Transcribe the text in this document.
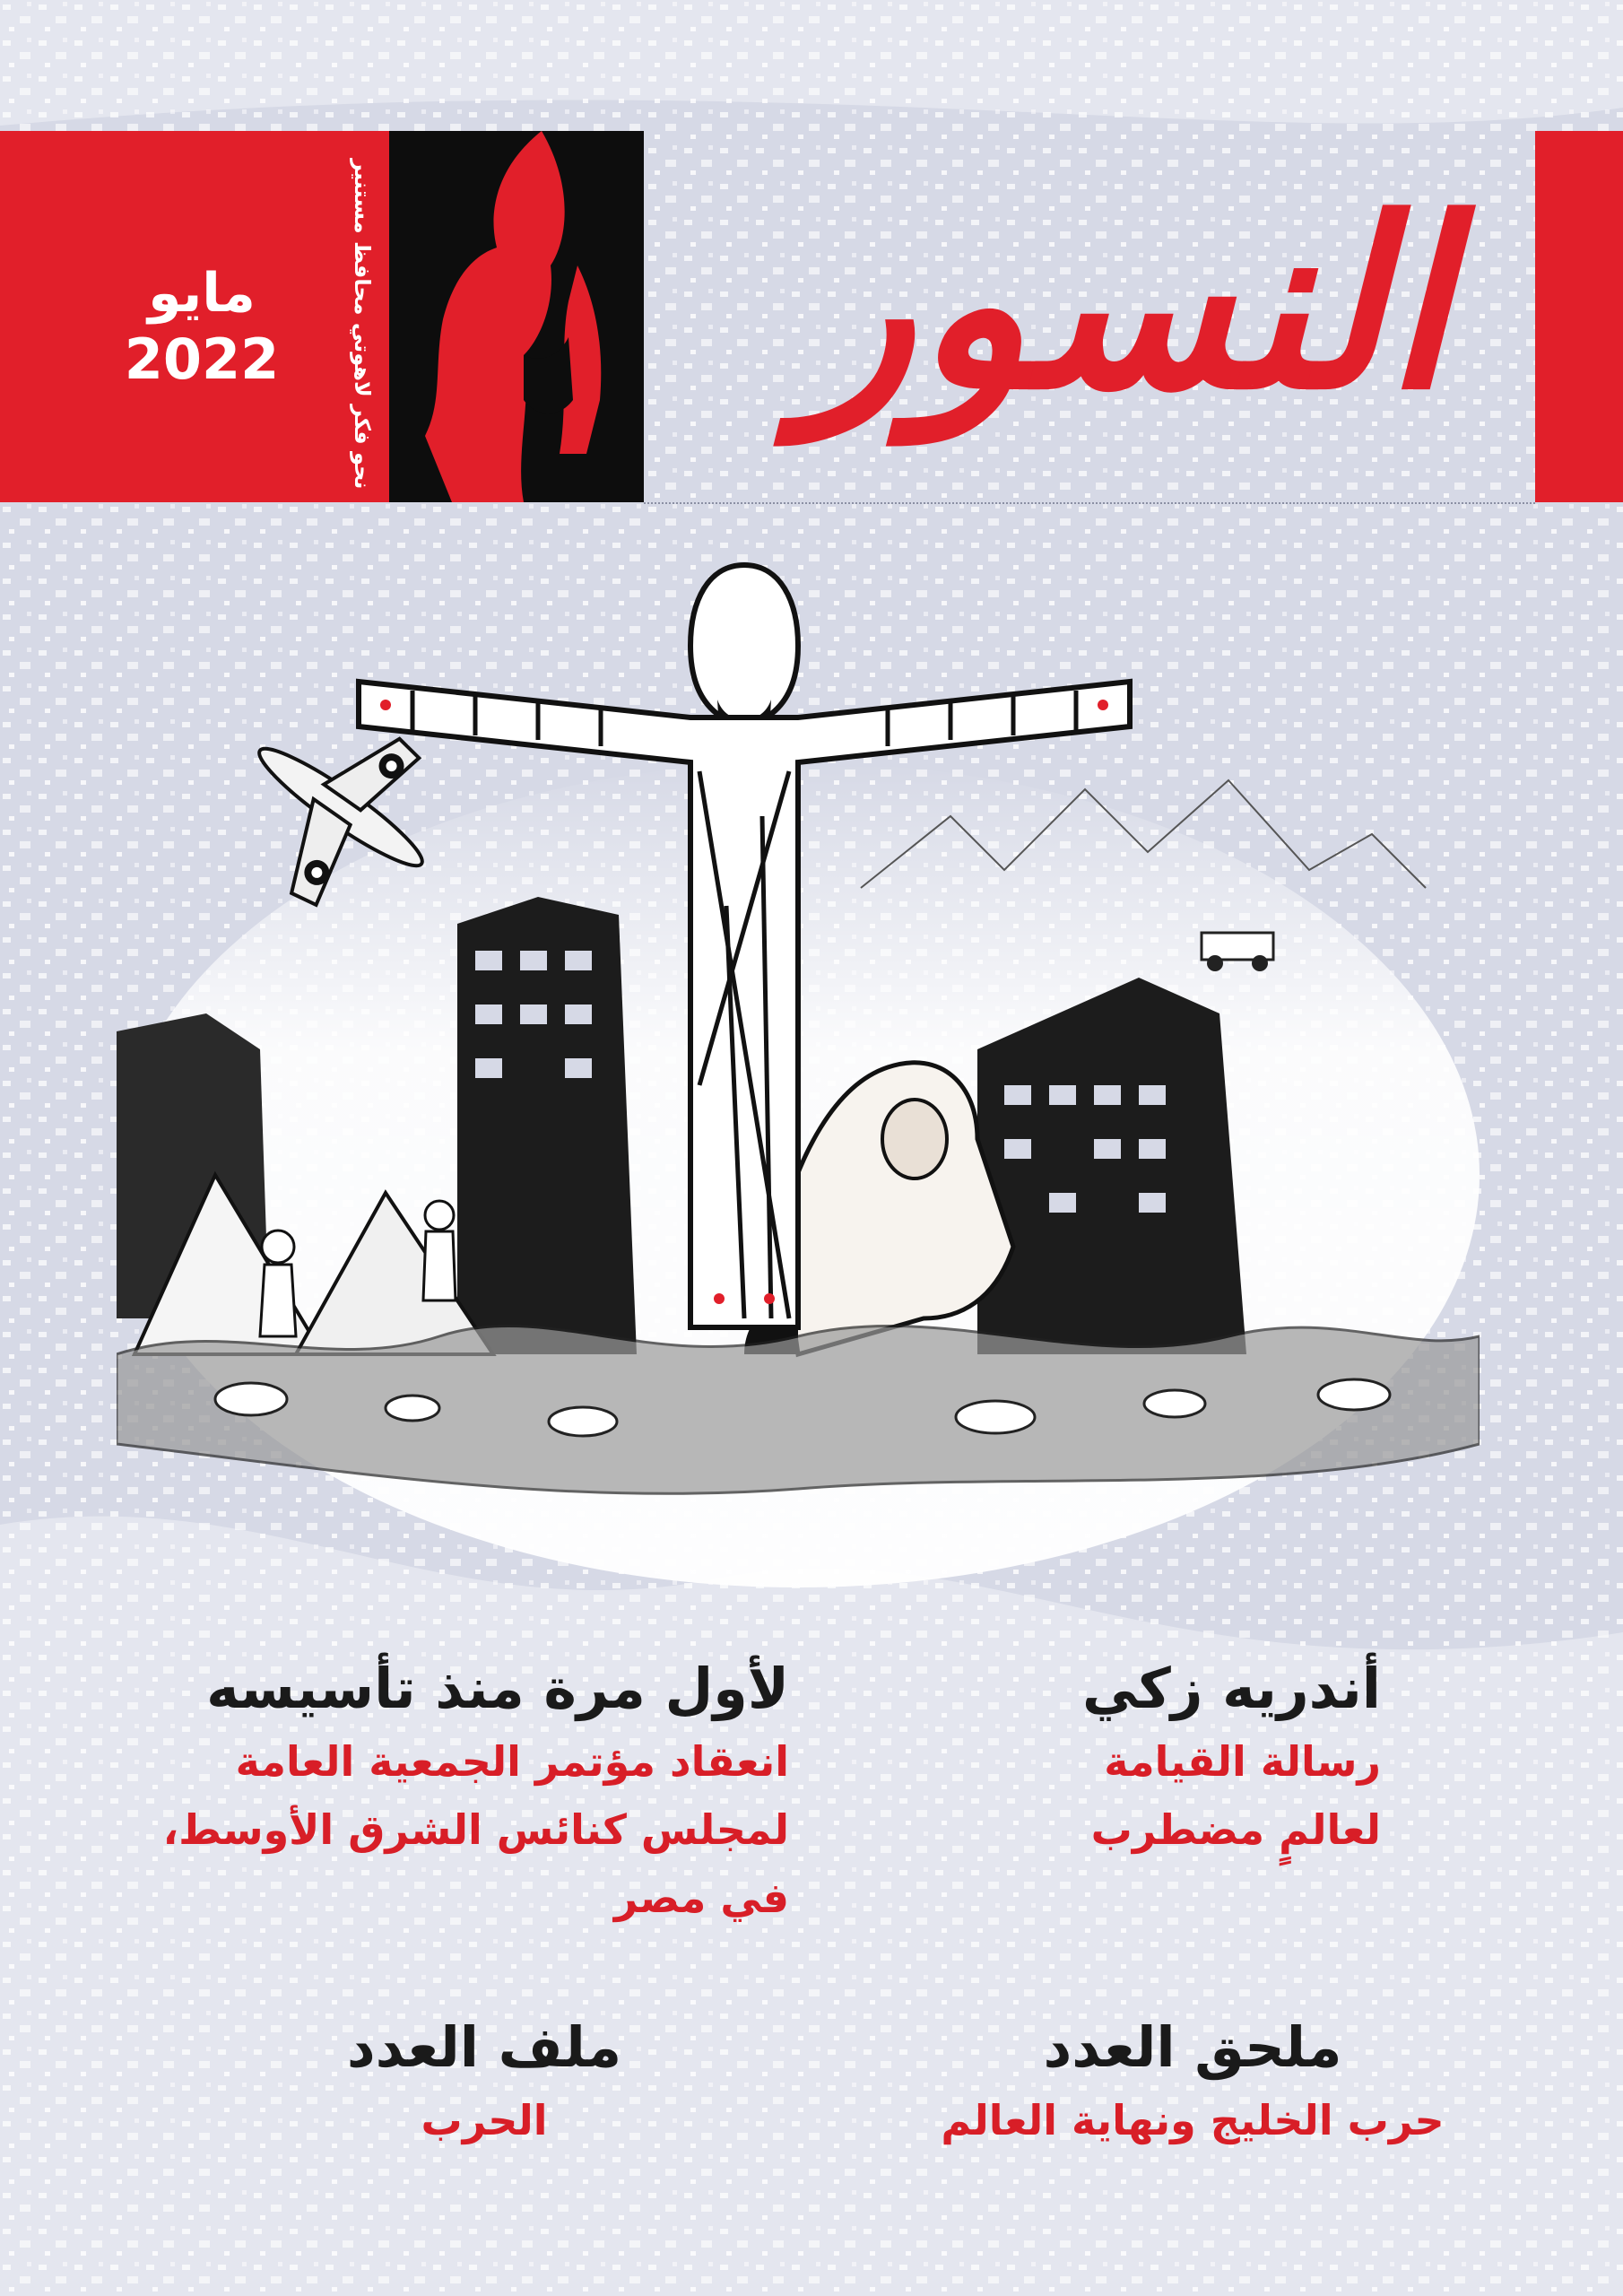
نحو فكر لاهوتي محافظ مستنير
مايو
2022 النسور
أندريه زكي
رسالة القيامة
لعالمٍ مضطرب
لأول مرة منذ تأسيسه
انعقاد مؤتمر الجمعية العامة
لمجلس كنائس الشرق الأوسط،
في مصر
ملحق العدد
حرب الخليج ونهاية العالم
ملف العدد
الحرب
